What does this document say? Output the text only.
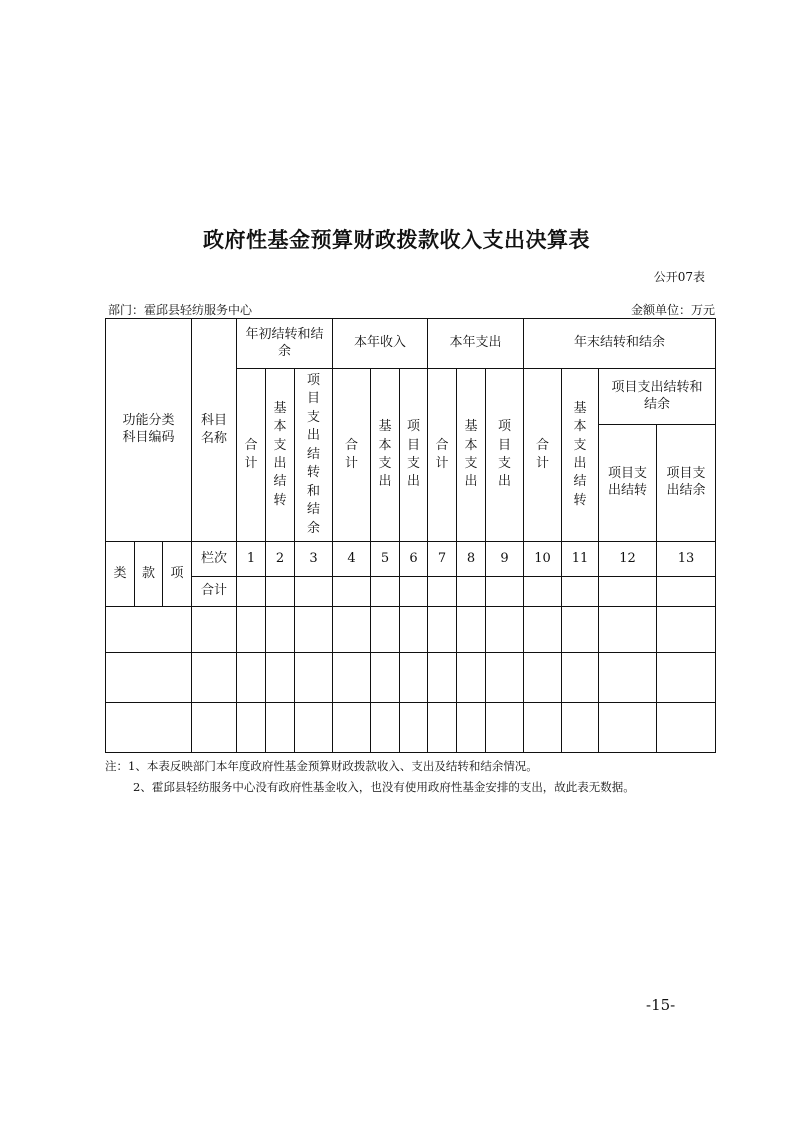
政府性基金预算财政拨款收入支出决算表
公开07表
部门：霍邱县轻纺服务中心	金额单位：万元
功能分类科目编码			科目名称	年初结转和结余			本年收入			本年支出			年末结转和结余			
				合计	基本支出结转	项目支出结转和结余	合计	基本支出	项目支出	合计	基本支出	项目支出	合计	基本支出结转	项目支出结转和结余	
															项目支出结转	项目支出结余
类	款	项	栏次	1	2	3	4	5	6	7	8	9	10	11	12	13
			合计													

注：1、本表反映部门本年度政府性基金预算财政拨款收入、支出及结转和结余情况。

2、霍邱县轻纺服务中心没有政府性基金收入，也没有使用政府性基金安排的支出，故此表无数据。

-15-
